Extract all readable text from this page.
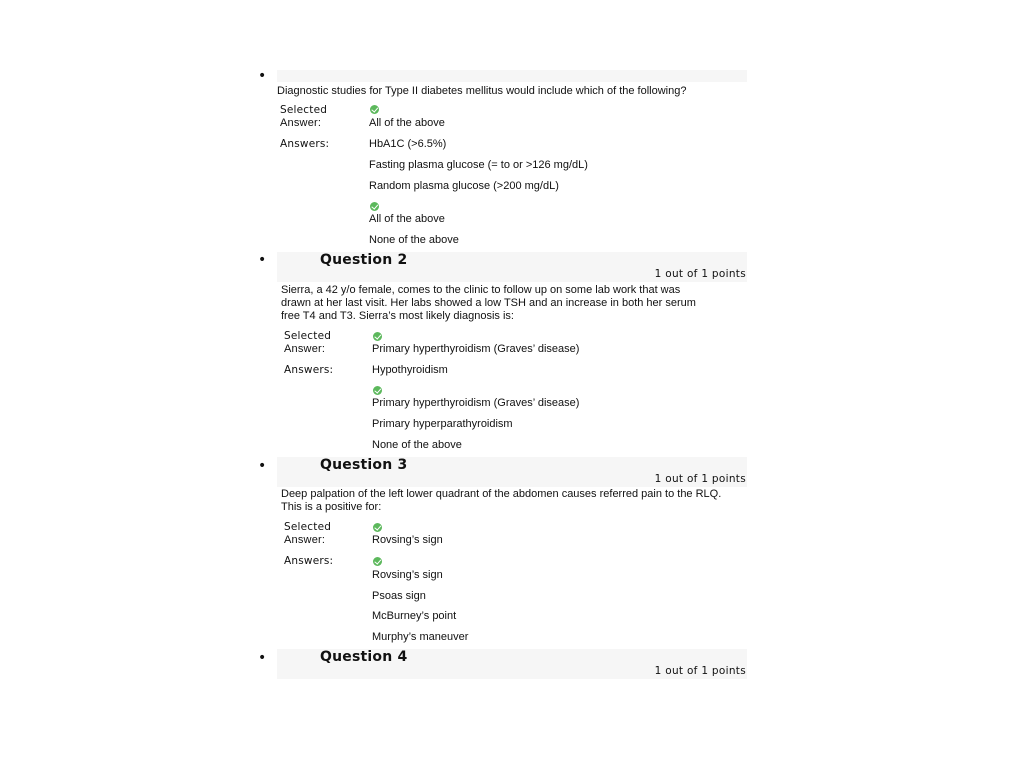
•
Diagnostic studies for Type II diabetes mellitus would include which of the following?
Selected
Answer:	All of the above
Answers:	HbA1C (>6.5%)
Fasting plasma glucose (= to or >126 mg/dL)
Random plasma glucose (>200 mg/dL)
All of the above
None of the above
•	Question 2
1 out of 1 points
Sierra, a 42 y/o female, comes to the clinic to follow up on some lab work that was drawn at her last visit. Her labs showed a low TSH and an increase in both her serum free T4 and T3. Sierra’s most likely diagnosis is:
Selected
Answer:	Primary hyperthyroidism (Graves’ disease)
Answers:	Hypothyroidism
Primary hyperthyroidism (Graves’ disease)
Primary hyperparathyroidism
None of the above
•	Question 3
1 out of 1 points
Deep palpation of the left lower quadrant of the abdomen causes referred pain to the RLQ. This is a positive for:
Selected
Answer:	Rovsing’s sign
Answers:
Rovsing’s sign
Psoas sign
McBurney’s point
Murphy’s maneuver
•	Question 4
1 out of 1 points
